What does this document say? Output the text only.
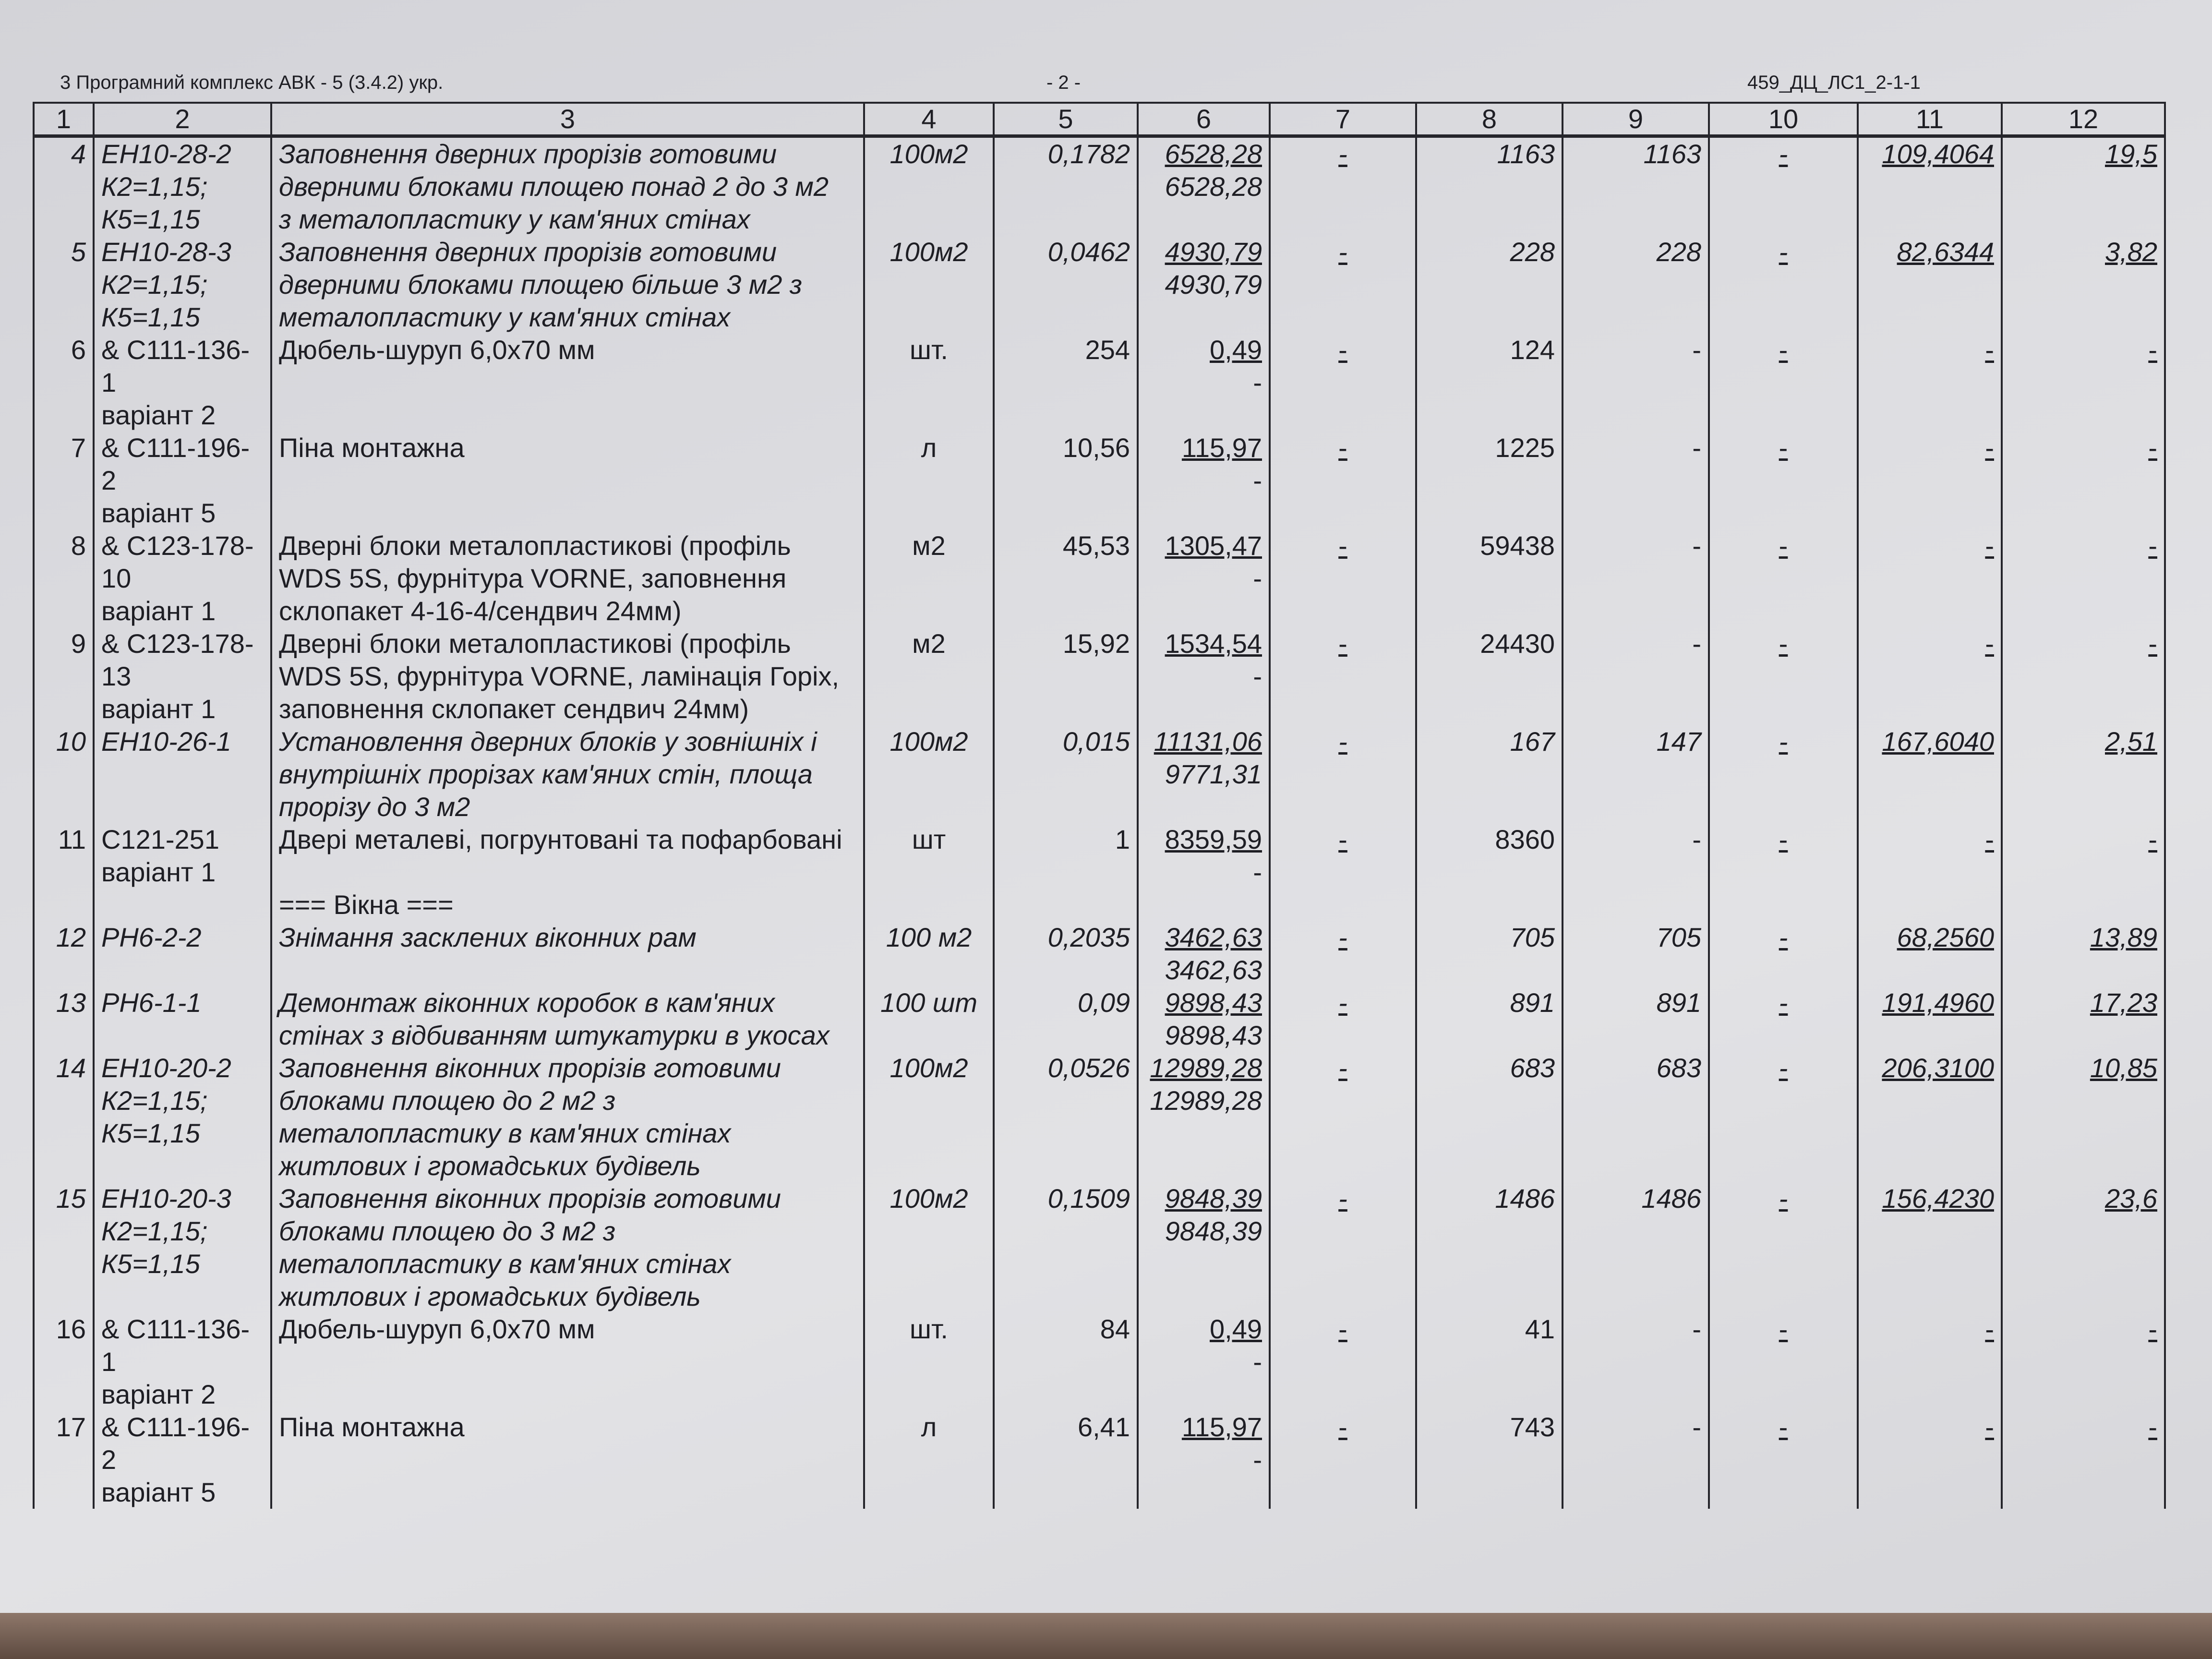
3 Програмний комплекс АВК - 5 (3.4.2) укр.	- 2 -	459_ДЦ_ЛС1_2-1-1
1	2	3	4	5	6	7	8	9	10	11	12
4	ЕН10-28-2
К2=1,15;
К5=1,15	Заповнення дверних прорізів готовими
дверними блоками площею понад 2 до 3 м2
з металопластику у кам'яних стінах	100м2	0,1782	6528,28
6528,28	-	1163	1163	-	109,4064	19,5

5	ЕН10-28-3
К2=1,15;
К5=1,15	Заповнення дверних прорізів готовими
дверними блоками площею більше 3 м2 з
металопластику у кам'яних стінах	100м2	0,0462	4930,79
4930,79	-	228	228	-	82,6344	3,82

6	& С111-136-
1
варіант 2	Дюбель-шуруп 6,0х70 мм	шт.	254	0,49
-	-	124	-	-	-	-

7	& С111-196-
2
варіант 5	Піна монтажна	л	10,56	115,97
-	-	1225	-	-	-	-

8	& С123-178-
10
варіант 1	Дверні блоки металопластикові (профіль
WDS 5S, фурнітура VORNE, заповнення
склопакет 4-16-4/сендвич 24мм)	м2	45,53	1305,47
-	-	59438	-	-	-	-

9	& С123-178-
13
варіант 1	Дверні блоки металопластикові (профіль
WDS 5S, фурнітура VORNE, ламінація Горіх,
заповнення склопакет сендвич 24мм)	м2	15,92	1534,54
-	-	24430	-	-	-	-

10	ЕН10-26-1	Установлення дверних блоків у зовнішніх і
внутрішніх прорізах кам'яних стін, площа
прорізу до 3 м2	100м2	0,015	11131,06
9771,31	-	167	147	-	167,6040	2,51

11	С121-251
варіант 1	Двері металеві, погрунтовані та пофарбовані	шт	1	8359,59
-	-	8360	-	-	-	-

		=== Вікна ===									
12	РН6-2-2	Знімання засклених віконних рам	100 м2	0,2035	3462,63
3462,63	-	705	705	-	68,2560	13,89

13	РН6-1-1	Демонтаж віконних коробок в кам'яних
стінах з відбиванням штукатурки в укосах	100 шт	0,09	9898,43
9898,43	-	891	891	-	191,4960	17,23

14	ЕН10-20-2
К2=1,15;
К5=1,15	Заповнення віконних прорізів готовими
блоками площею до 2 м2 з
металопластику в кам'яних стінах
житлових і громадських будівель	100м2	0,0526	12989,28
12989,28	-	683	683	-	206,3100	10,85

15	ЕН10-20-3
К2=1,15;
К5=1,15	Заповнення віконних прорізів готовими
блоками площею до 3 м2 з
металопластику в кам'яних стінах
житлових і громадських будівель	100м2	0,1509	9848,39
9848,39	-	1486	1486	-	156,4230	23,6

16	& С111-136-
1
варіант 2	Дюбель-шуруп 6,0х70 мм	шт.	84	0,49
-	-	41	-	-	-	-

17	& С111-196-
2
варіант 5	Піна монтажна	л	6,41	115,97
-	-	743	-	-	-	-
